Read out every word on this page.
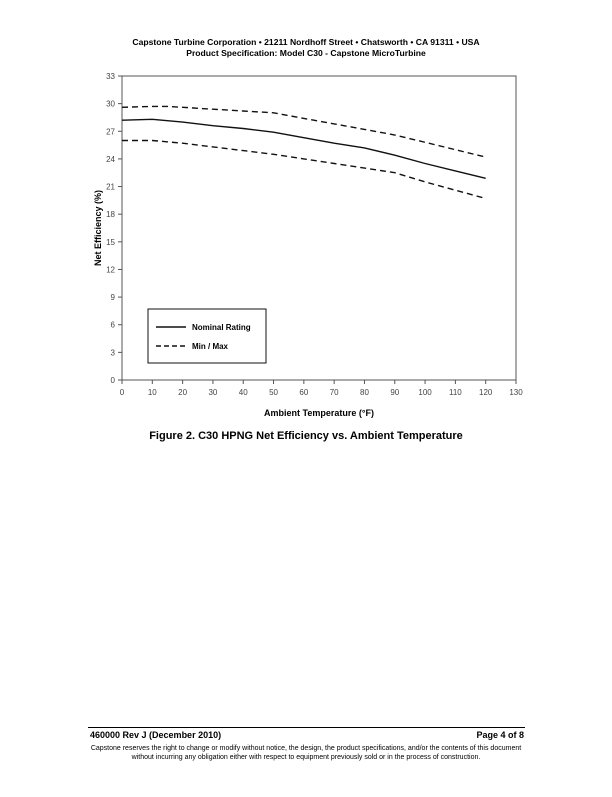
Capstone Turbine Corporation • 21211 Nordhoff Street • Chatsworth • CA 91311 • USA
Product Specification: Model C30 - Capstone MicroTurbine
0
3
6
9
12
15
18
21
24
27
30
33
0	10	20	30	40	50	60	70	80	90 100 110 120 130
Ambient Temperature (°F)
Net Efficiency (%)
Nominal Rating
Min / Max
Figure 2. C30 HPNG Net Efficiency vs. Ambient Temperature
460000 Rev J (December 2010)	Page 4 of 8
Capstone reserves the right to change or modify without notice, the design, the product specifications, and/or the contents of this document without incurring any obligation either with respect to equipment previously sold or in the process of construction.
